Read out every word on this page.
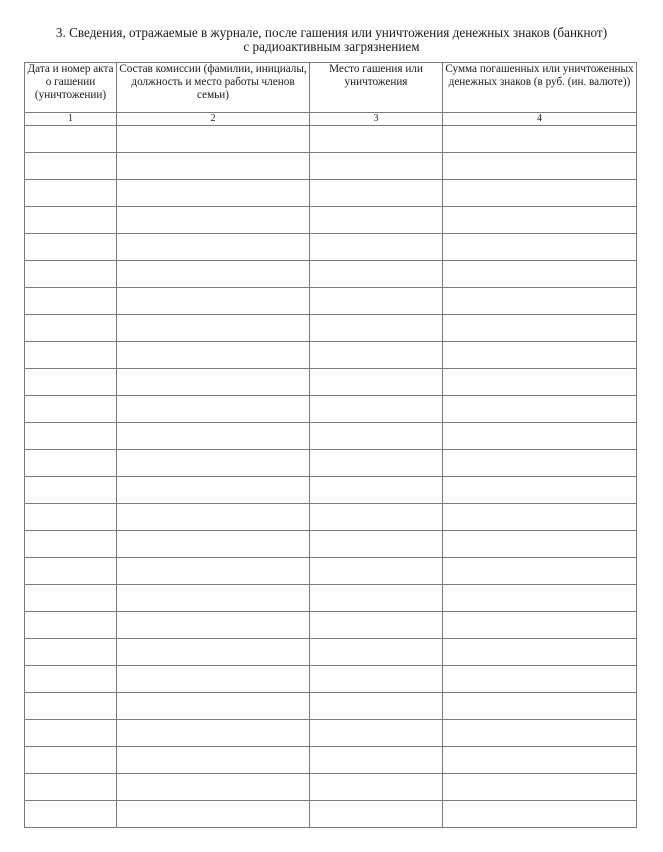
3. Сведения, отражаемые в журнале, после гашения или уничтожения денежных знаков (банкнот)
с радиоактивным загрязнением
Дата и номер акта о гашении (уничтожении)	Состав комиссии (фамилии, инициалы, должность и место работы членов семьи)	Место гашения или уничтожения	Сумма погашенных или уничтоженных денежных знаков (в руб. (ин. валюте))
1	2	3	4
